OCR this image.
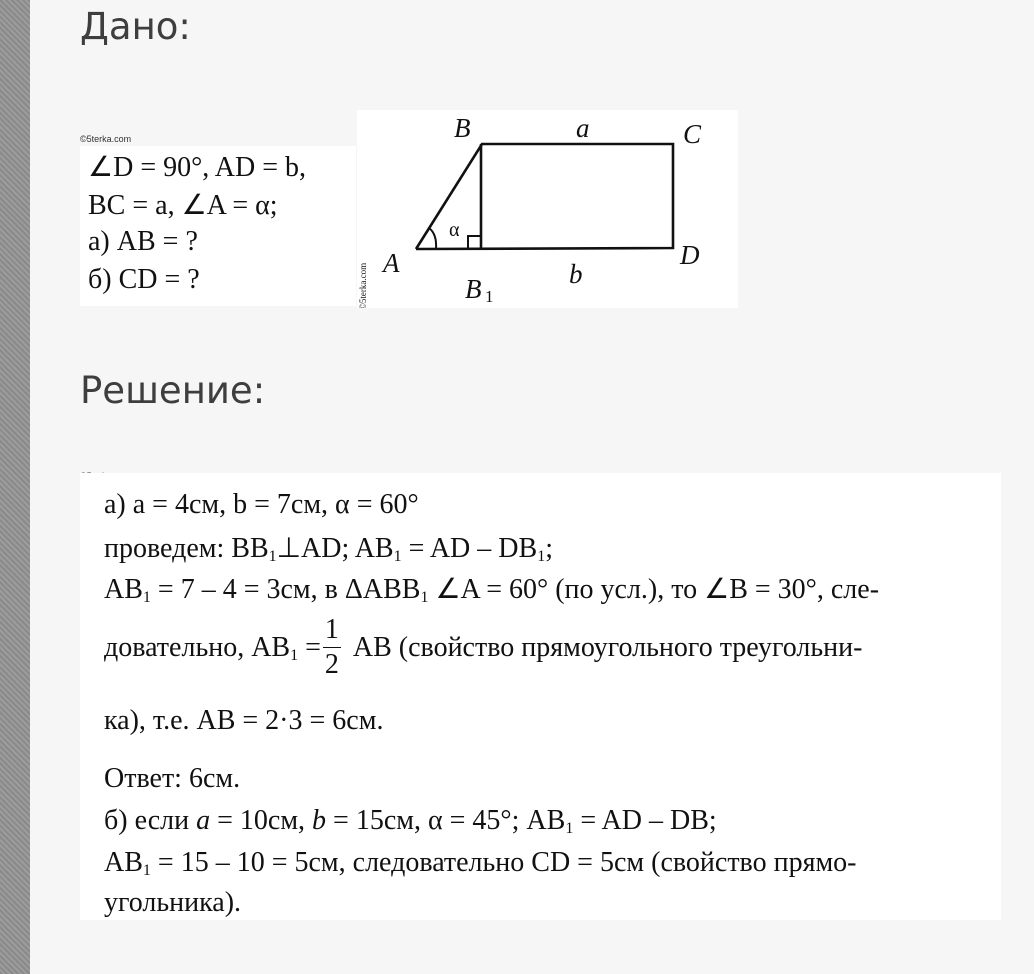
Дано:
©5terka.com
∠D = 90°, AD = b,
BC = a, ∠A = α;
а) AB = ?
б) CD = ?
B	a	C
α
A	D
B 1
b
©5terka.com
Решение:
а) a = 4см, b = 7см, α = 60°
проведем: $BB_1\perp AD$; $AB_1$ = AD – $DB_1$;
$AB_1 = 7 - 4 = 3см$, в $\Delta ABB_1$ ∠A = 60° (по усл.), то ∠B = 30°, сле-
довательно, $AB_1 = \frac{1}{2}$ AB (свойство прямоугольного треугольни-
ка), т.е. AB = 2·3 = 6см.
Ответ: 6см.
б) если a = 10см, b = 15см, α = 45°; $AB_1$ = AD – DB;
$AB_1 = 15 - 10 = 5см$, следовательно CD = 5см (свойство прямо-
угольника).
